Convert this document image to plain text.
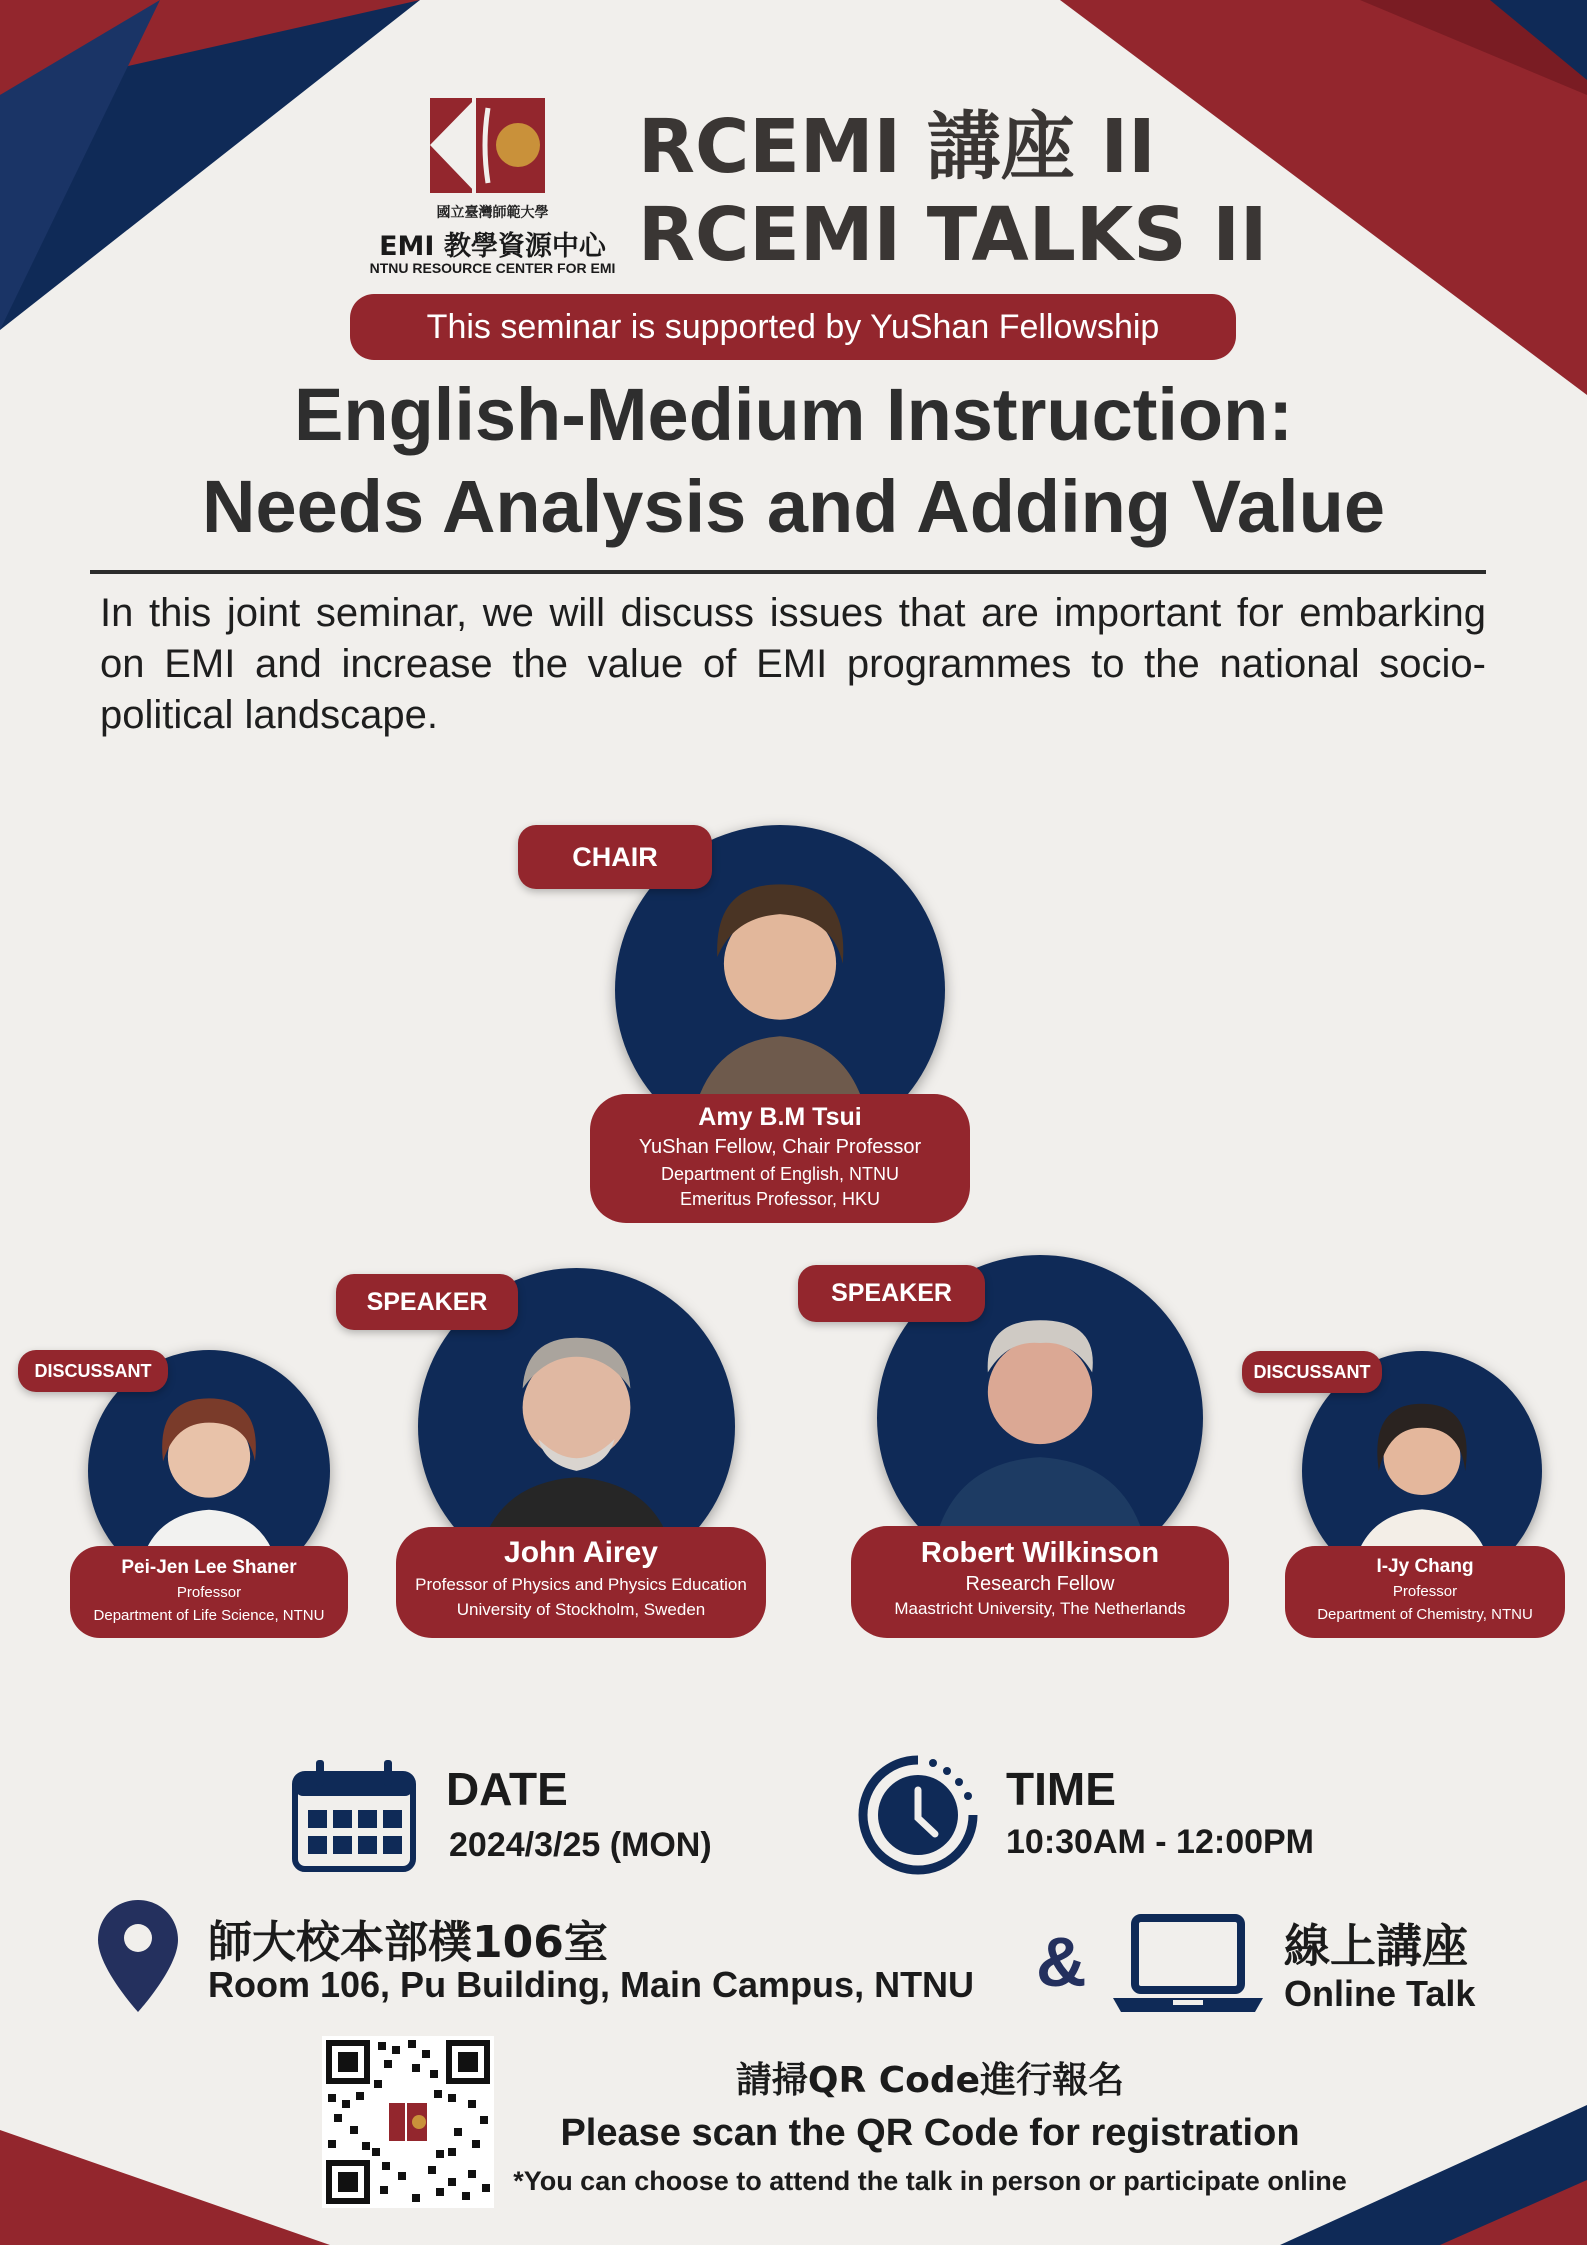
國立臺灣師範大學
EMI 教學資源中心
NTNU RESOURCE CENTER FOR EMI
RCEMI 講座 II
RCEMI TALKS II
This seminar is supported by YuShan Fellowship
English-Medium Instruction:
Needs Analysis and Adding Value
In this joint seminar, we will discuss issues that are important for embarking on EMI and increase the value of EMI programmes to the national socio-political landscape.
CHAIR
Amy B.M Tsui
YuShan Fellow, Chair Professor
Department of English, NTNU
Emeritus Professor, HKU
SPEAKER
John Airey
Professor of Physics and Physics Education
University of Stockholm, Sweden
SPEAKER
Robert Wilkinson
Research Fellow
Maastricht University, The Netherlands
DISCUSSANT
Pei-Jen Lee Shaner
Professor
Department of Life Science, NTNU
DISCUSSANT
I-Jy Chang
Professor
Department of Chemistry, NTNU
DATE
2024/3/25 (MON)
TIME
10:30AM - 12:00PM
師大校本部樸106室
Room 106, Pu Building, Main Campus, NTNU &	線上講座
Online Talk
請掃QR Code進行報名
Please scan the QR Code for registration
*You can choose to attend the talk in person or participate online
